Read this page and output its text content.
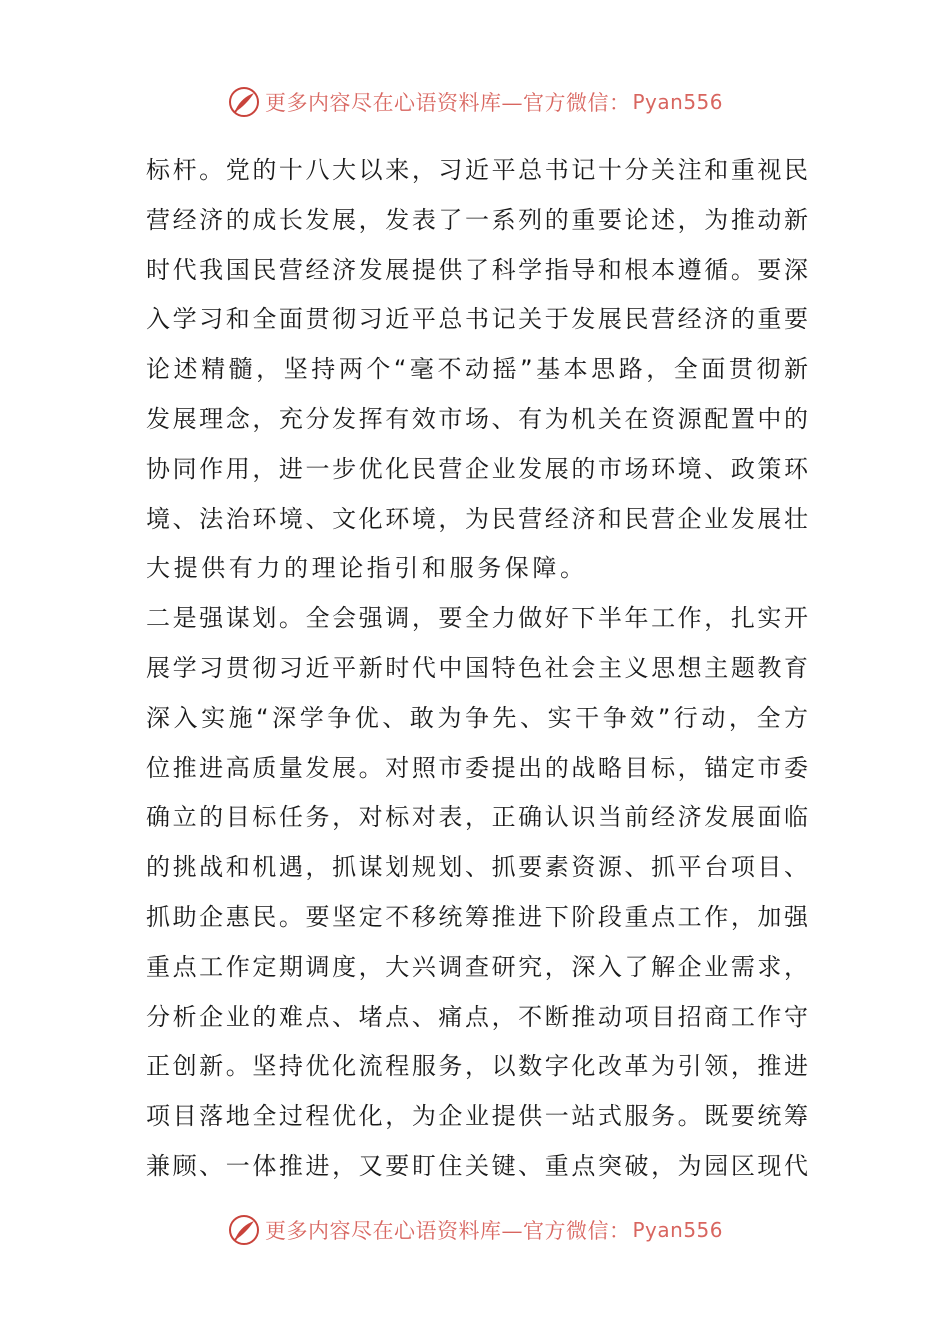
更多内容尽在心语资料库—官方微信： Pyan556
标杆。党的十八大以来，习近平总书记十分关注和重视民
营经济的成长发展，发表了一系列的重要论述，为推动新
时代我国民营经济发展提供了科学指导和根本遵循。要深
入学习和全面贯彻习近平总书记关于发展民营经济的重要
论述精髓，坚持两个“毫不动摇”基本思路，全面贯彻新
发展理念，充分发挥有效市场、有为机关在资源配置中的
协同作用，进一步优化民营企业发展的市场环境、政策环
境、法治环境、文化环境，为民营经济和民营企业发展壮
大提供有力的理论指引和服务保障。
二是强谋划。全会强调，要全力做好下半年工作，扎实开
展学习贯彻习近平新时代中国特色社会主义思想主题教育
深入实施“深学争优、敢为争先、实干争效”行动，全方
位推进高质量发展。对照市委提出的战略目标，锚定市委
确立的目标任务，对标对表，正确认识当前经济发展面临
的挑战和机遇，抓谋划规划、抓要素资源、抓平台项目、
抓助企惠民。要坚定不移统筹推进下阶段重点工作，加强
重点工作定期调度，大兴调查研究，深入了解企业需求，
分析企业的难点、堵点、痛点，不断推动项目招商工作守
正创新。坚持优化流程服务，以数字化改革为引领，推进
项目落地全过程优化，为企业提供一站式服务。既要统筹
兼顾、一体推进，又要盯住关键、重点突破，为园区现代
更多内容尽在心语资料库—官方微信： Pyan556
